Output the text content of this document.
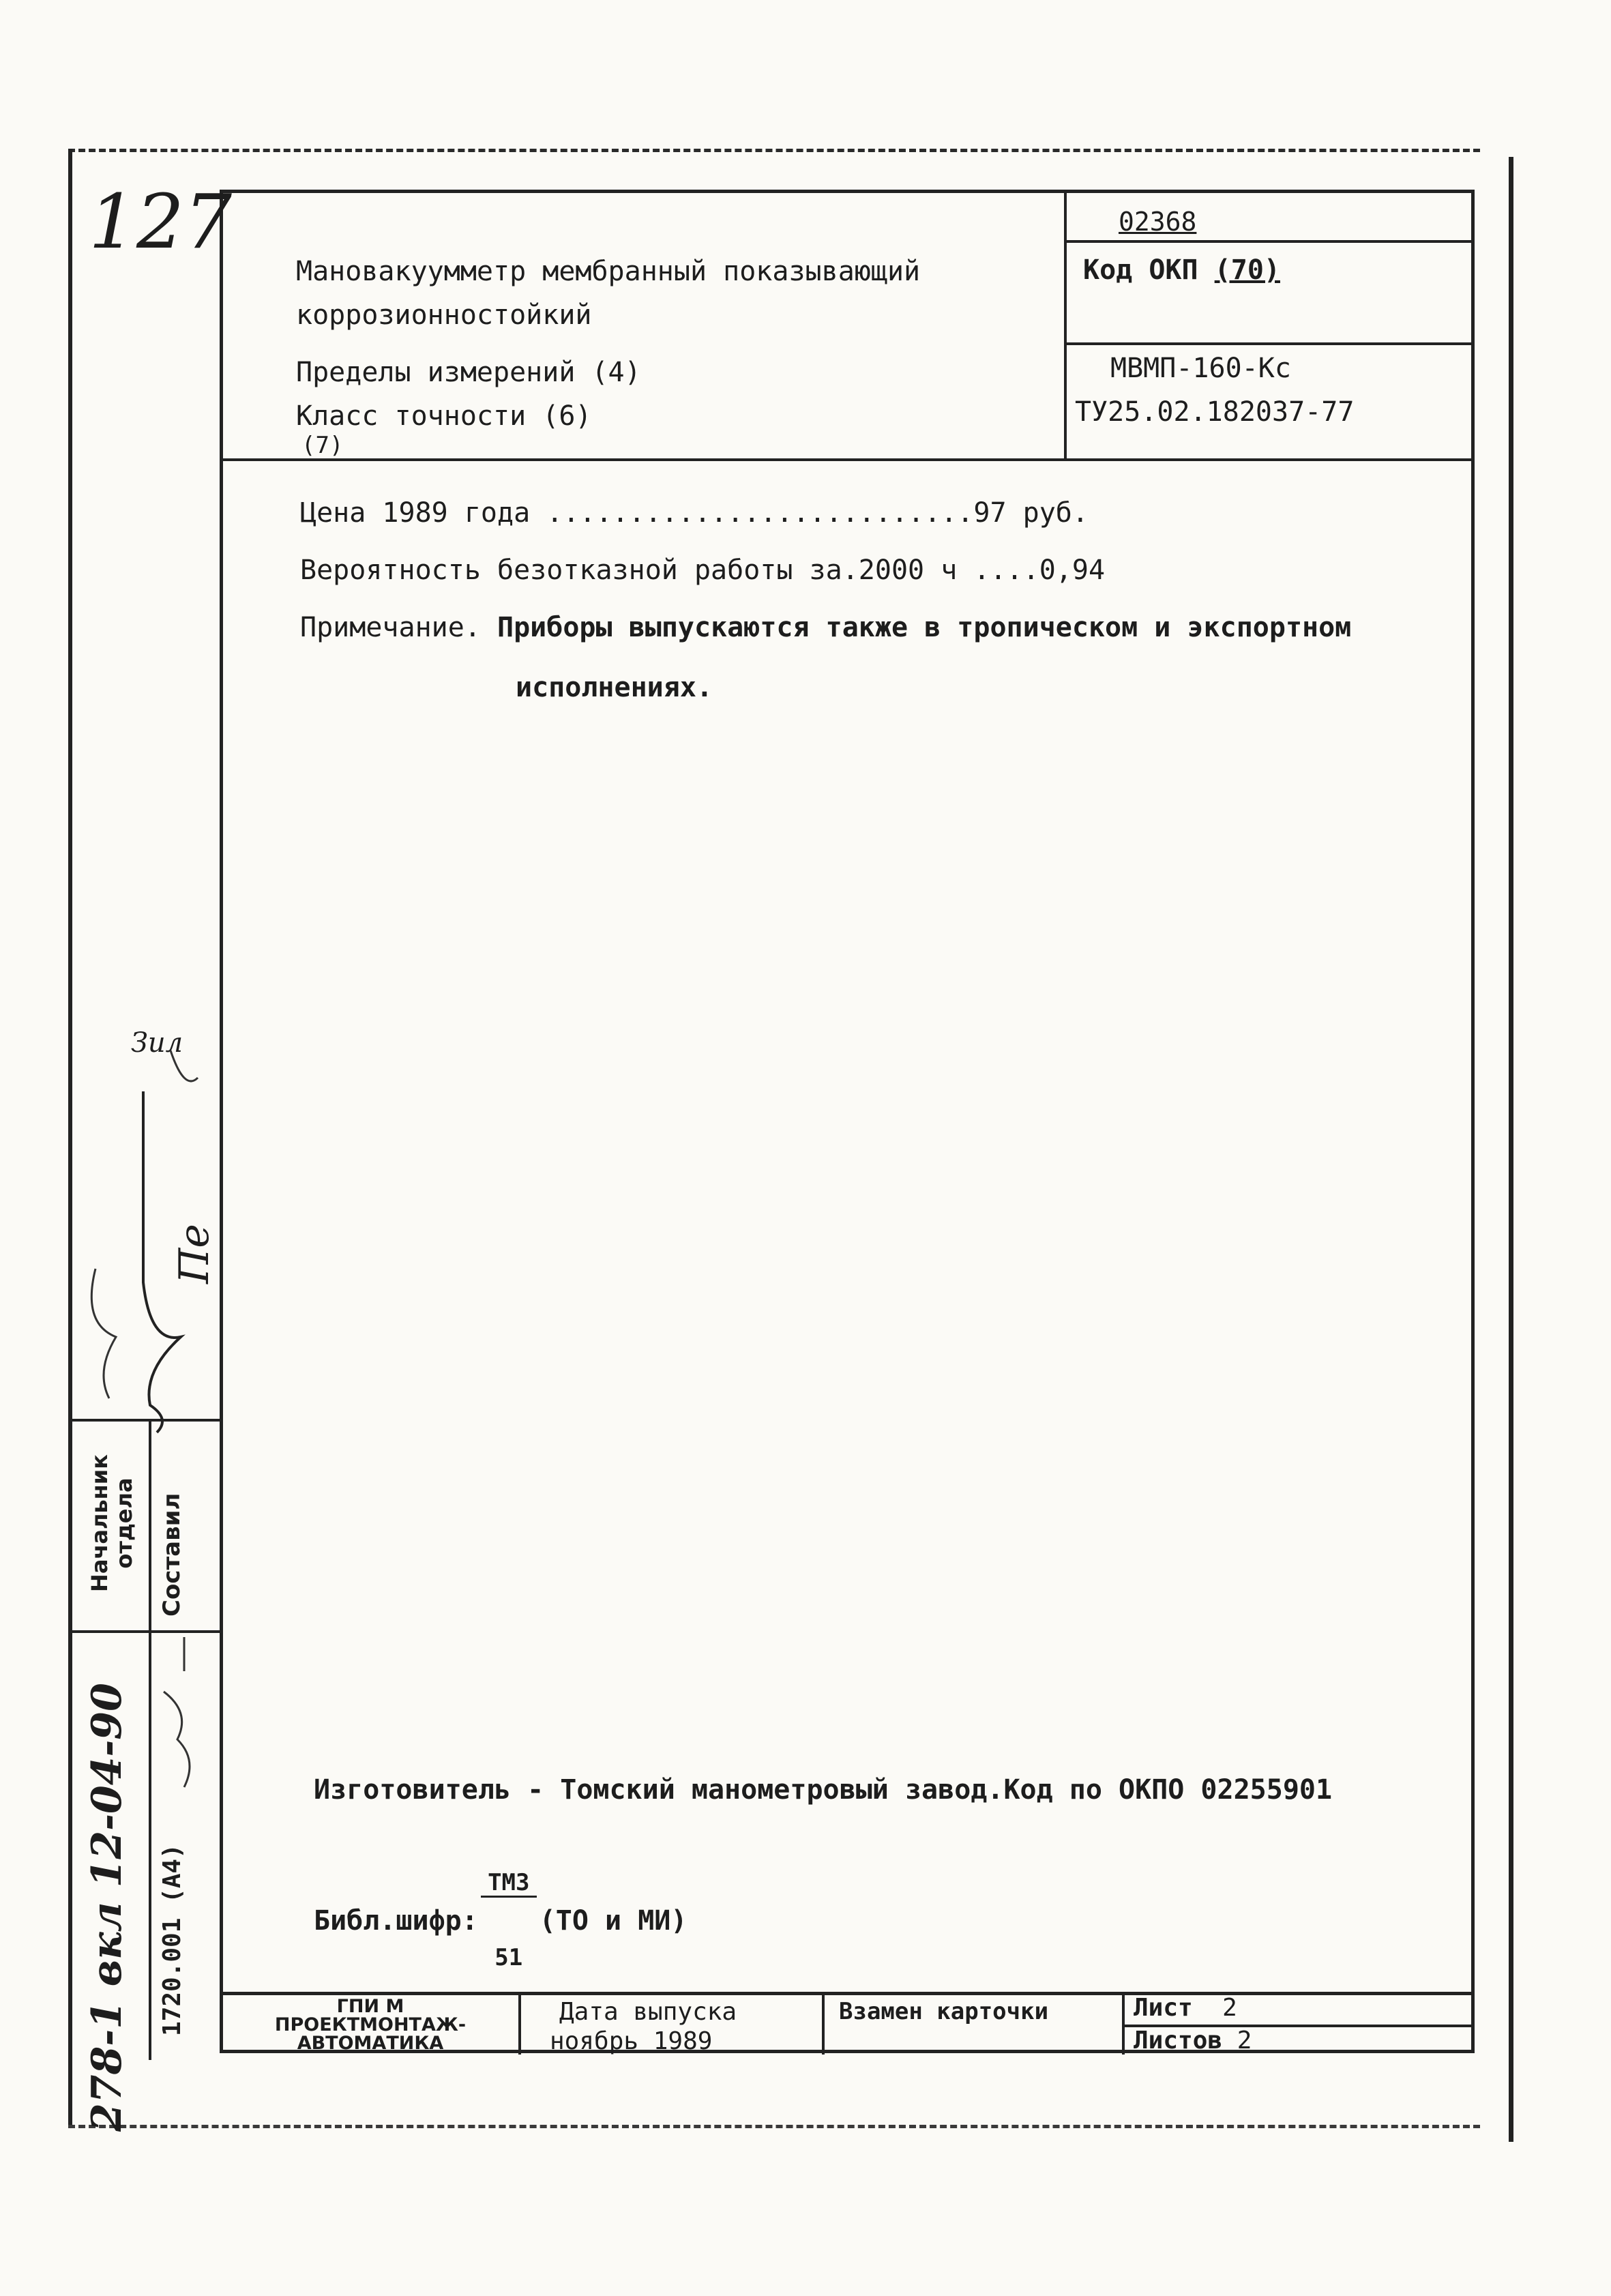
127
Мановакуумметр мембранный показывающий
коррозионностойкий
Пределы измерений (4)
Класс точности (6)
(7)
02368
Код ОКП (70)
МВМП-160-Кс
ТУ25.02.182037-77
Цена 1989 года ..........................97 руб.
Вероятность безотказной работы за.2000 ч ....0,94
Примечание. Приборы выпускаются также в тропическом и экспортном
исполнениях.
Изготовитель - Томский манометровый завод.Код по ОКПО 02255901
Библ.шифр:

$\frac{\text{ТМЗ}}{51}$

(ТО и МИ)
ГПИ М
ПРОЕКТМОНТАЖ-
АВТОМАТИКА
Дата выпуска
ноябрь 1989
Взамен карточки	Лист 2
Листов 2
Начальник отдела Составил
278-1 вкл 12-04-90 1720.001 (А4)
Зил
Пе
